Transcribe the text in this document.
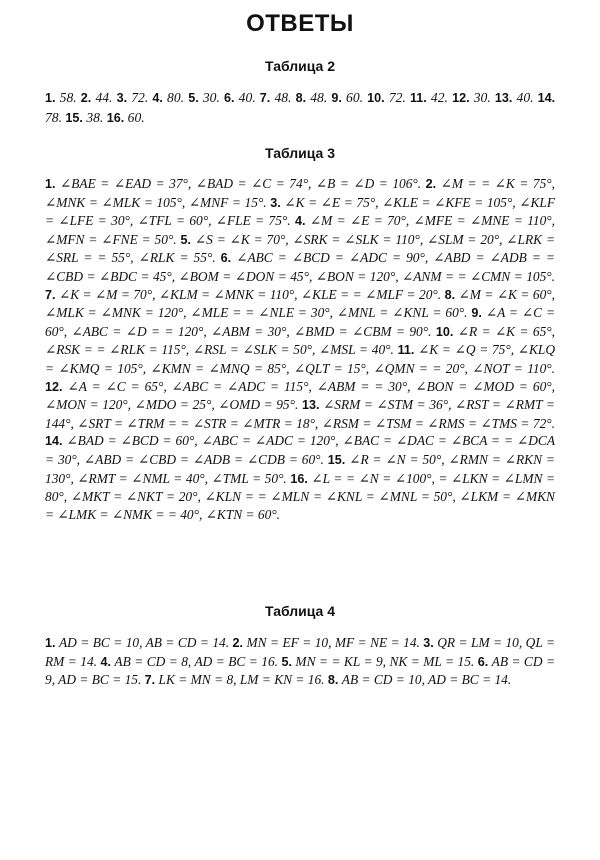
ОТВЕТЫ
Таблица 2
1. 58. 2. 44. 3. 72. 4. 80. 5. 30. 6. 40. 7. 48. 8. 48. 9. 60. 10. 72. 11. 42. 12. 30. 13. 40. 14. 78. 15. 38. 16. 60.
Таблица 3
1. ∠BAE = ∠EAD = 37°, ∠BAD = ∠C = 74°, ∠B = ∠D = 106°. 2. ∠M = = ∠K = 75°, ∠MNK = ∠MLK = 105°, ∠MNF = 15°. 3. ∠K = ∠E = 75°, ∠KLE = ∠KFE = 105°, ∠KLF = ∠LFE = 30°, ∠TFL = 60°, ∠FLE = 75°. 4. ∠M = ∠E = 70°, ∠MFE = ∠MNE = 110°, ∠MFN = ∠FNE = 50°. 5. ∠S = ∠K = 70°, ∠SRK = ∠SLK = 110°, ∠SLM = 20°, ∠LRK = ∠SRL = = 55°, ∠RLK = 55°. 6. ∠ABC = ∠BCD = ∠ADC = 90°, ∠ABD = ∠ADB = = ∠CBD = ∠BDC = 45°, ∠BOM = ∠DON = 45°, ∠BON = 120°, ∠ANM = = ∠CMN = 105°. 7. ∠K = ∠M = 70°, ∠KLM = ∠MNK = 110°, ∠KLE = = ∠MLF = 20°. 8. ∠M = ∠K = 60°, ∠MLK = ∠MNK = 120°, ∠MLE = = ∠NLE = 30°, ∠MNL = ∠KNL = 60°. 9. ∠A = ∠C = 60°, ∠ABC = ∠D = = 120°, ∠ABM = 30°, ∠BMD = ∠CBM = 90°. 10. ∠R = ∠K = 65°, ∠RSK = = ∠RLK = 115°, ∠RSL = ∠SLK = 50°, ∠MSL = 40°. 11. ∠K = ∠Q = 75°, ∠KLQ = ∠KMQ = 105°, ∠KMN = ∠MNQ = 85°, ∠QLT = 15°, ∠QMN = = 20°, ∠NOT = 110°. 12. ∠A = ∠C = 65°, ∠ABC = ∠ADC = 115°, ∠ABM = = 30°, ∠BON = ∠MOD = 60°, ∠MON = 120°, ∠MDO = 25°, ∠OMD = 95°. 13. ∠SRM = ∠STM = 36°, ∠RST = ∠RMT = 144°, ∠SRT = ∠TRM = = ∠STR = ∠MTR = 18°, ∠RSM = ∠TSM = ∠RMS = ∠TMS = 72°. 14. ∠BAD = ∠BCD = 60°, ∠ABC = ∠ADC = 120°, ∠BAC = ∠DAC = ∠BCA = = ∠DCA = 30°, ∠ABD = ∠CBD = ∠ADB = ∠CDB = 60°. 15. ∠R = ∠N = 50°, ∠RMN = ∠RKN = 130°, ∠RMT = ∠NML = 40°, ∠TML = 50°. 16. ∠L = = ∠N = ∠100°, = ∠LKN = ∠LMN = 80°, ∠MKT = ∠NKT = 20°, ∠KLN = = ∠MLN = ∠KNL = ∠MNL = 50°, ∠LKM = ∠MKN = ∠LMK = ∠NMK = = 40°, ∠KTN = 60°.
Таблица 4
1. AD = BC = 10, AB = CD = 14. 2. MN = EF = 10, MF = NE = 14. 3. QR = LM = 10, QL = RM = 14. 4. AB = CD = 8, AD = BC = 16. 5. MN = = KL = 9, NK = ML = 15. 6. AB = CD = 9, AD = BC = 15. 7. LK = MN = 8, LM = KN = 16. 8. AB = CD = 10, AD = BC = 14.
